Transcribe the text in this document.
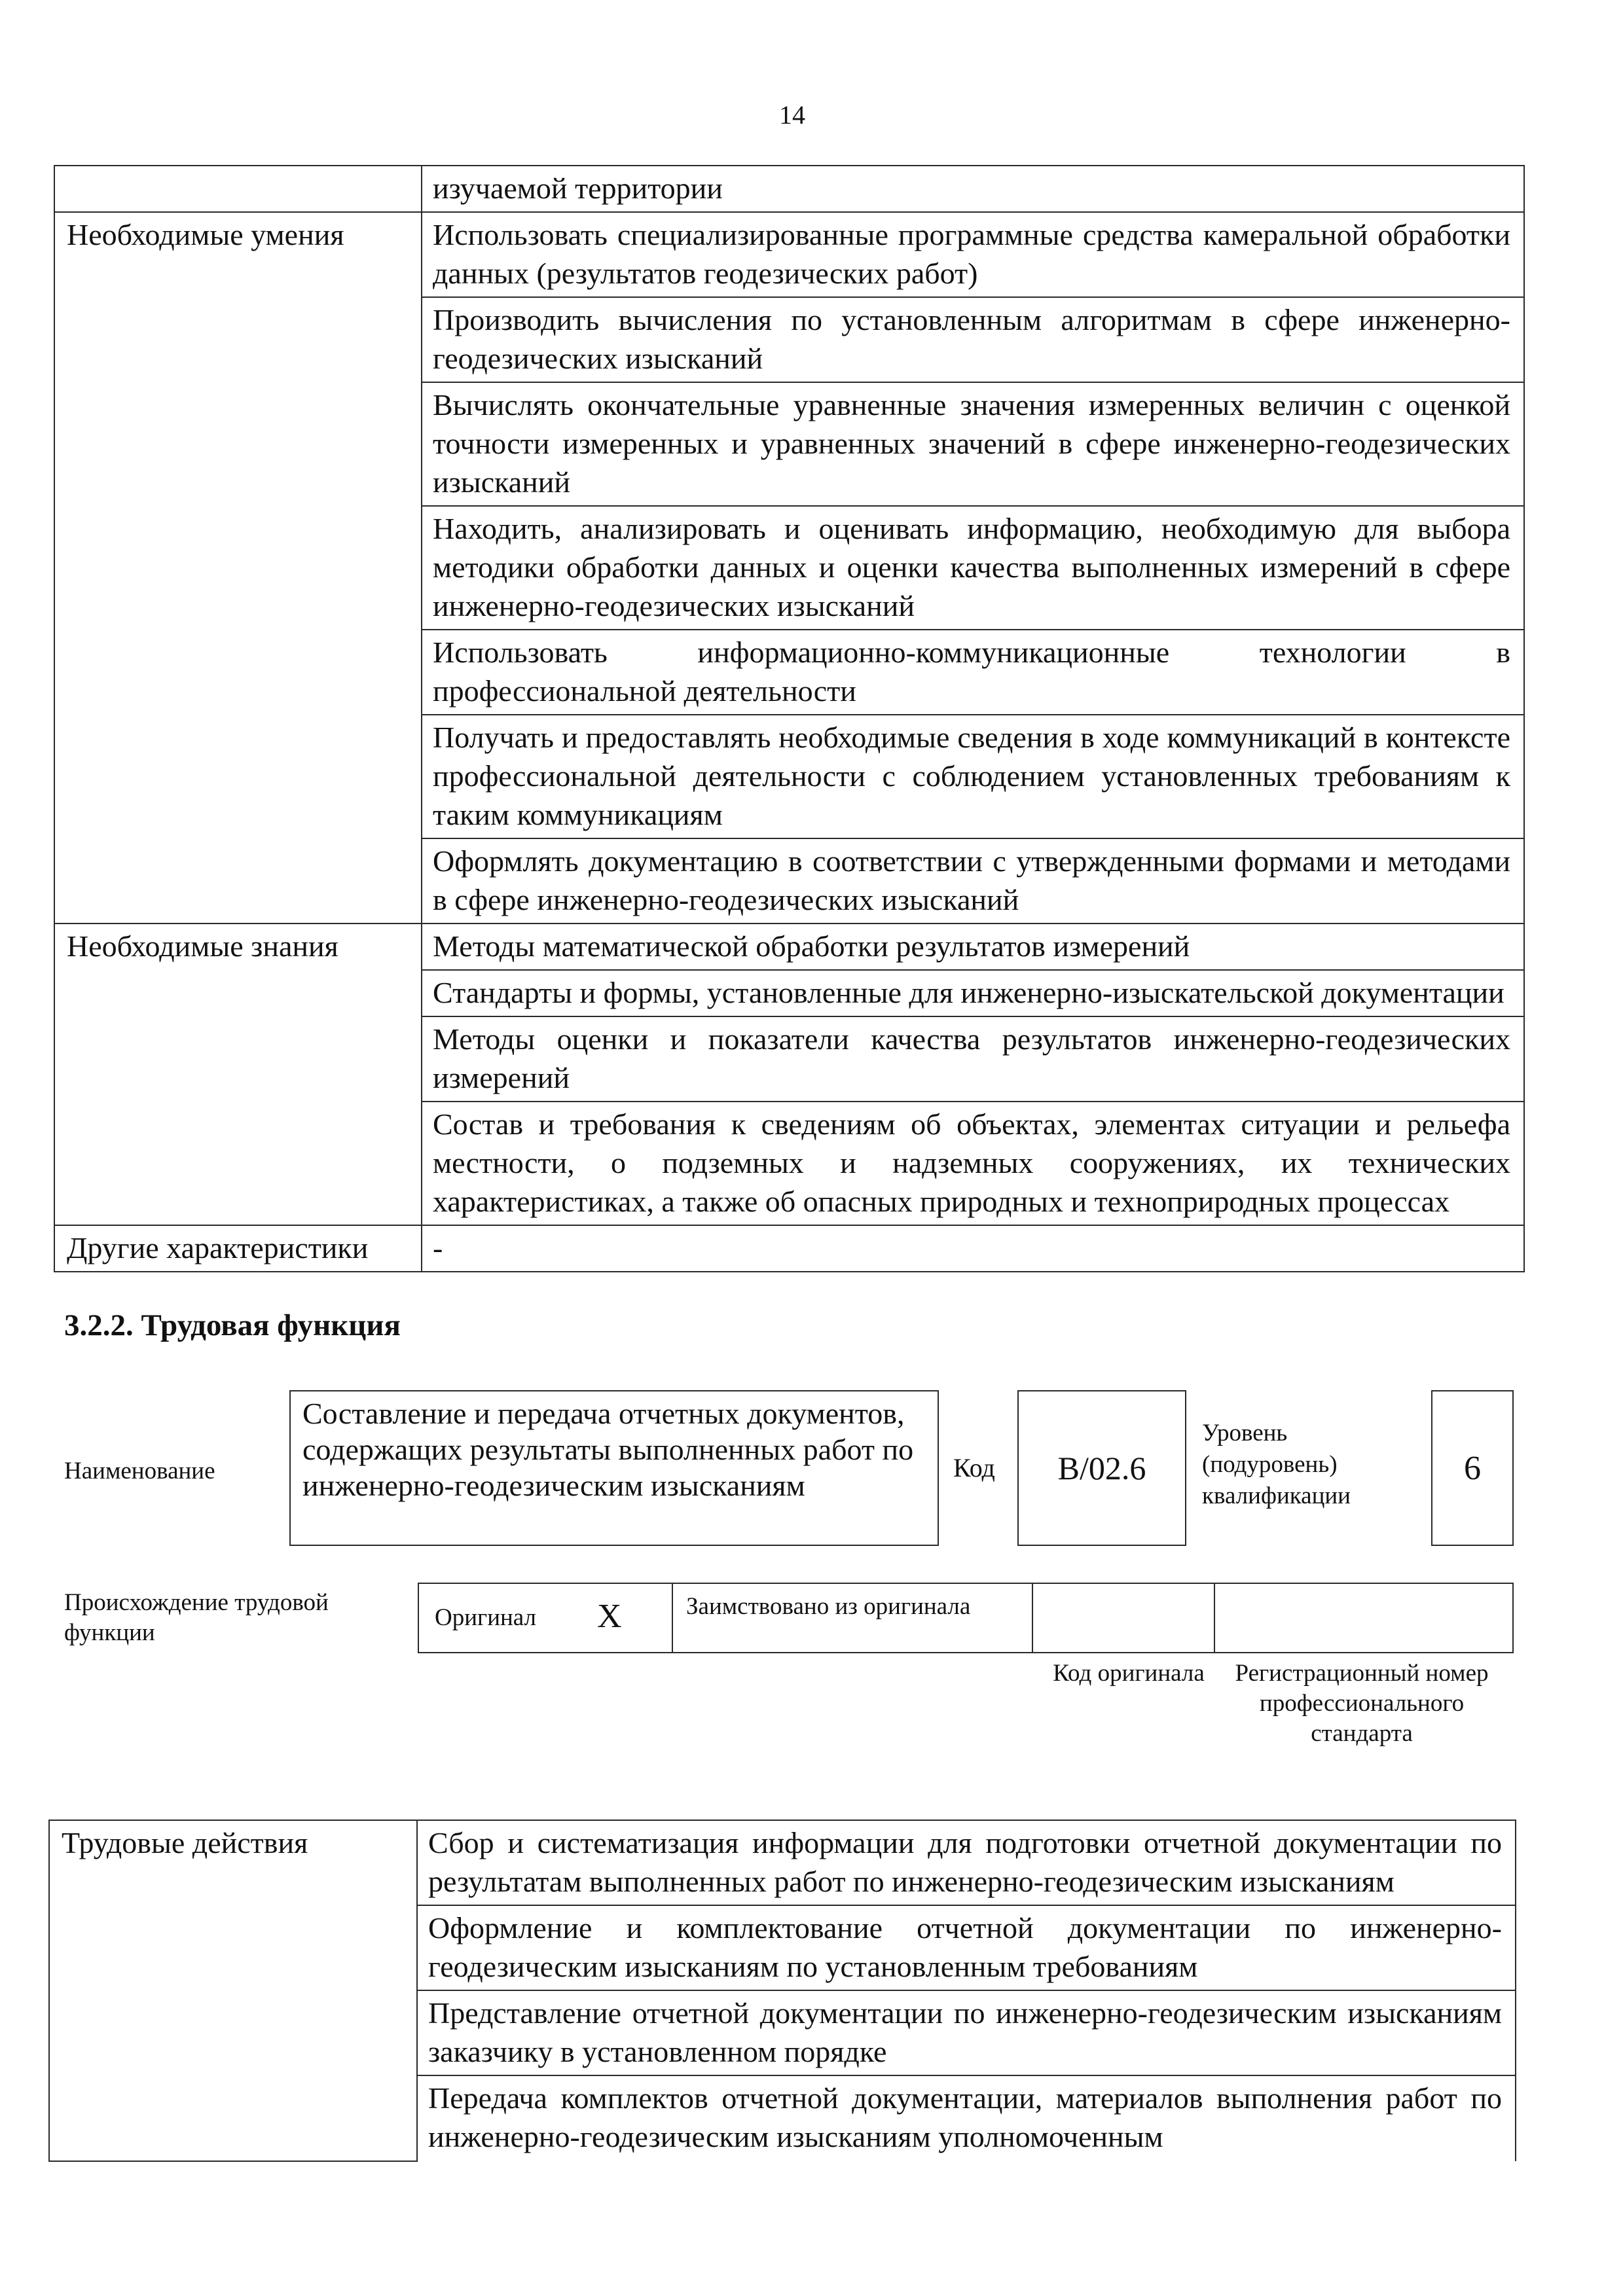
14
	изучаемой территории
Необходимые умения	Использовать специализированные программные средства камеральной обработки данных (результатов геодезических работ)
	Производить вычисления по установленным алгоритмам в сфере инженерно-геодезических изысканий
	Вычислять окончательные уравненные значения измеренных величин с оценкой точности измеренных и уравненных значений в сфере инженерно-геодезических изысканий
	Находить, анализировать и оценивать информацию, необходимую для выбора методики обработки данных и оценки качества выполненных измерений в сфере инженерно-геодезических изысканий
	Использовать информационно-коммуникационные технологии в профессиональной деятельности
	Получать и предоставлять необходимые сведения в ходе коммуникаций в контексте профессиональной деятельности с соблюдением установленных требованиям к таким коммуникациям
	Оформлять документацию в соответствии с утвержденными формами и методами в сфере инженерно-геодезических изысканий
Необходимые знания	Методы математической обработки результатов измерений
	Стандарты и формы, установленные для инженерно-изыскательской документации
	Методы оценки и показатели качества результатов инженерно-геодезических измерений
	Состав и требования к сведениям об объектах, элементах ситуации и рельефа местности, о подземных и надземных сооружениях, их технических характеристиках, а также об опасных природных и технoприродных процессах
Другие характеристики	-
3.2.2. Трудовая функция
Наименование
Составление и передача отчетных документов, содержащих результаты выполненных работ по инженерно-геодезическим изысканиям
Код	B/02.6
Уровень (подуровень) квалификации
6
Происхождение трудовой функции
Оригинал X	Заимствовано из оригинала
Код оригинала	Регистрационный номер профессионального стандарта
Трудовые действия	Сбор и систематизация информации для подготовки отчетной документации по результатам выполненных работ по инженерно-геодезическим изысканиям
Оформление и комплектование отчетной документации по инженерно-геодезическим изысканиям по установленным требованиям
Представление отчетной документации по инженерно-геодезическим изысканиям заказчику в установленном порядке
Передача комплектов отчетной документации, материалов выполнения работ по инженерно-геодезическим изысканиям уполномоченным
